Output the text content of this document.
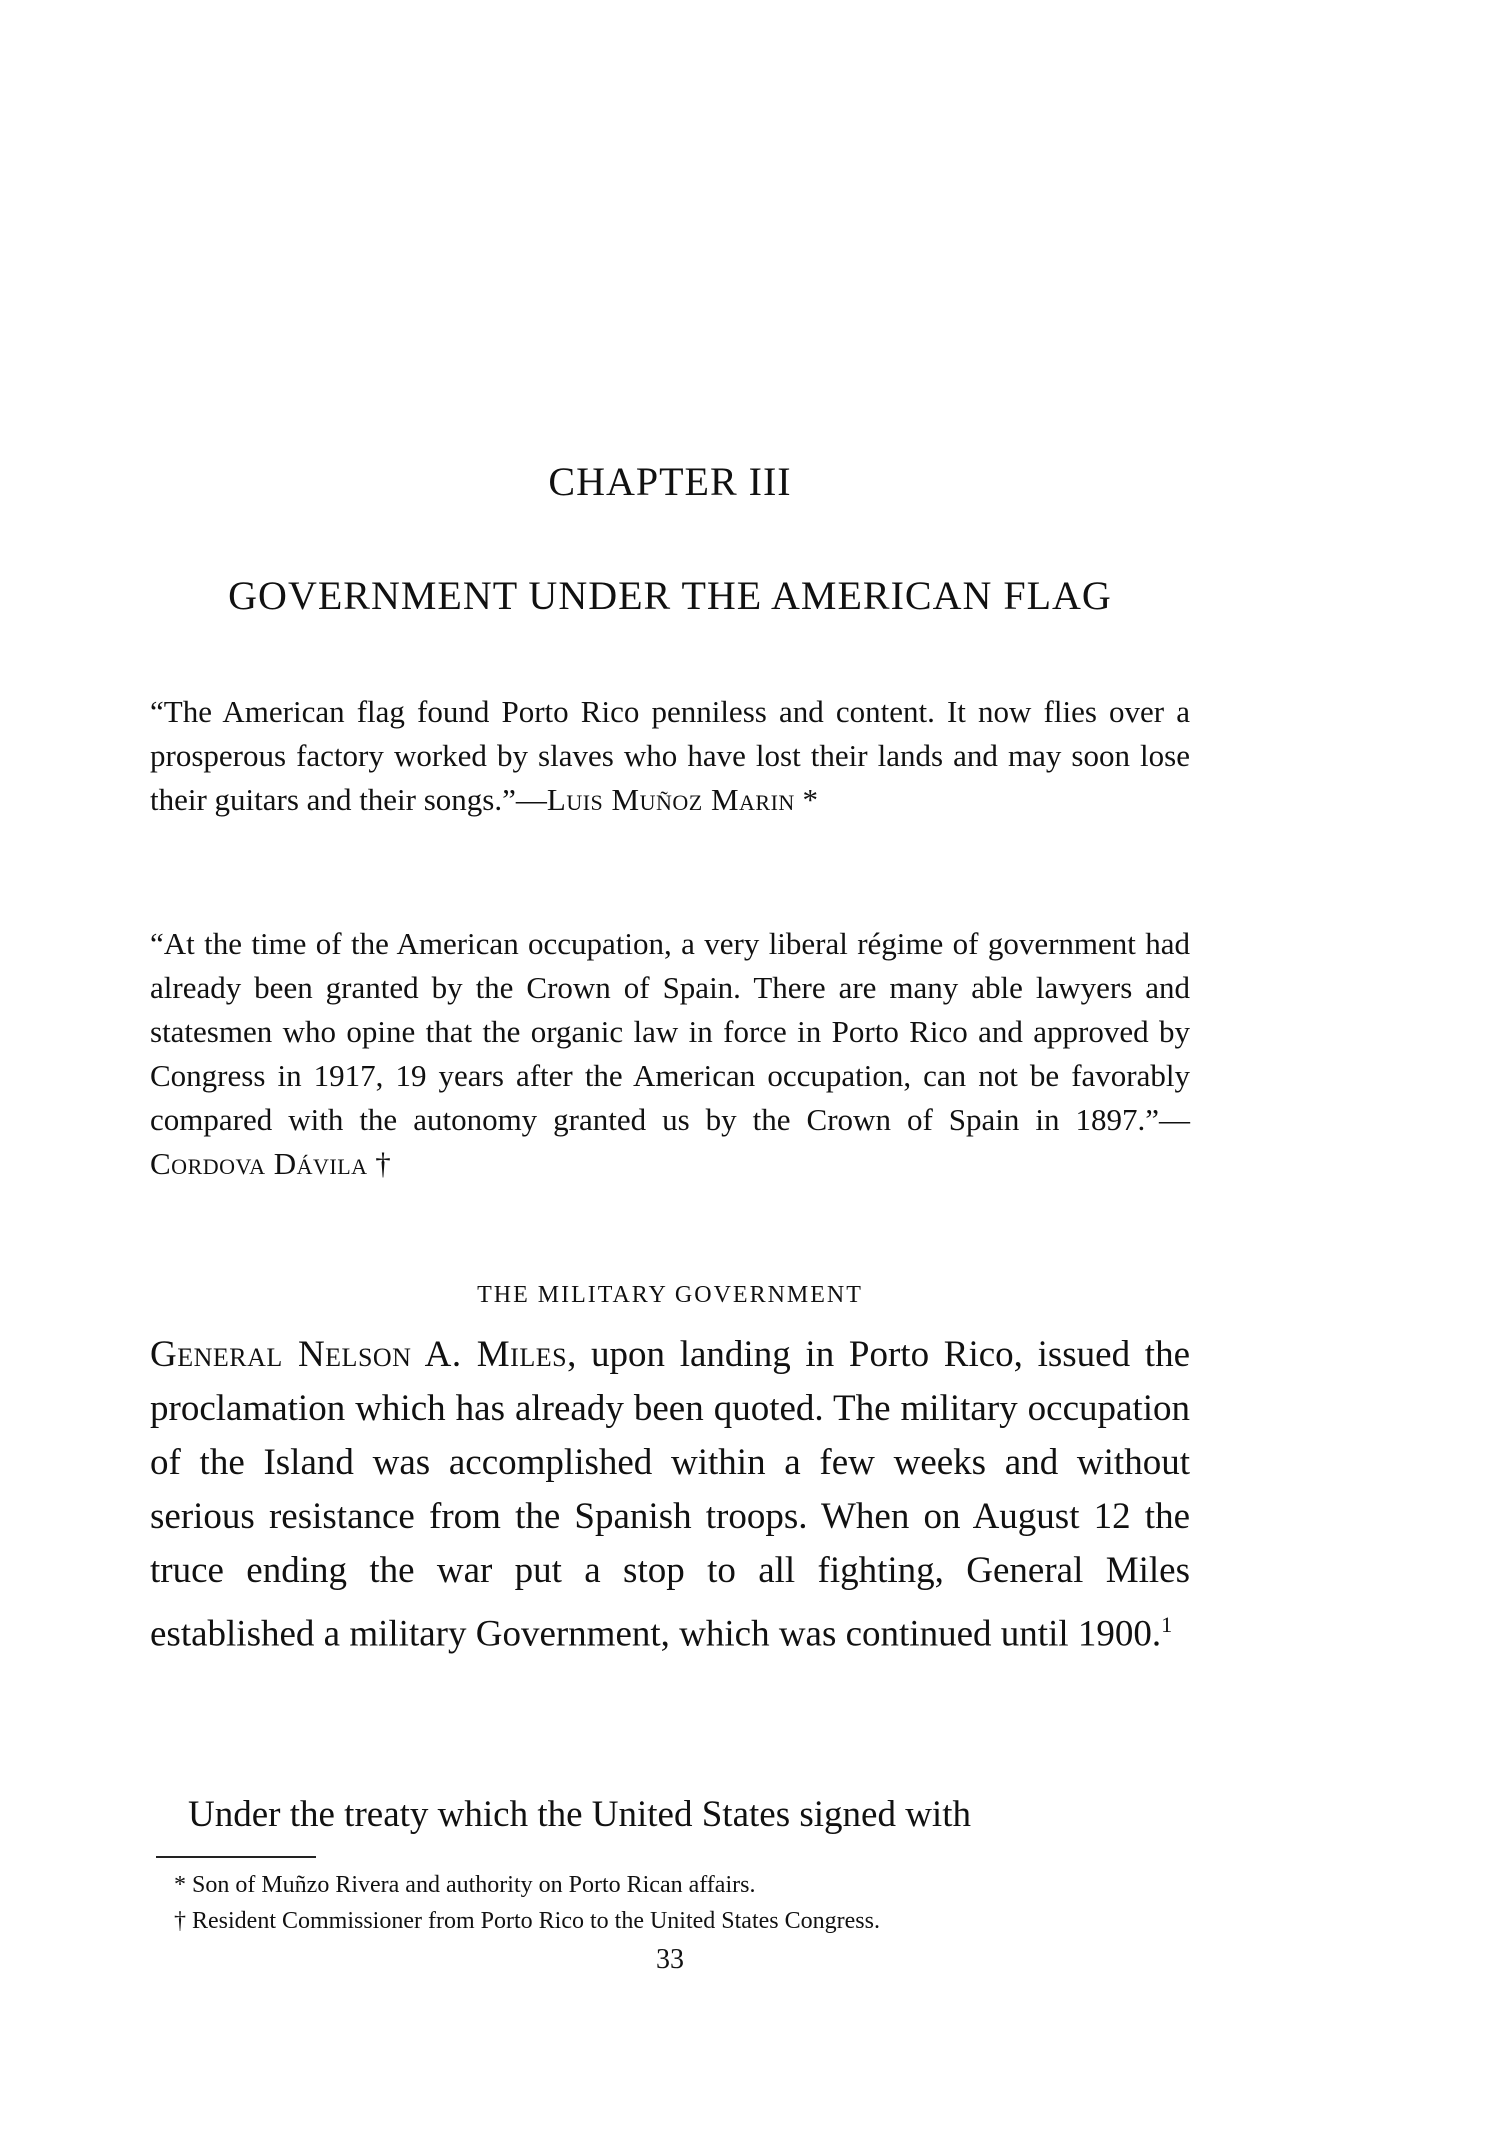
CHAPTER III
GOVERNMENT UNDER THE AMERICAN FLAG

“The American flag found Porto Rico penniless and content. It now flies over a prosperous factory worked by slaves who have lost their lands and may soon lose their guitars and their songs.”—Luis Muñoz Marin *

“At the time of the American occupation, a very liberal régime of government had already been granted by the Crown of Spain. There are many able lawyers and statesmen who opine that the organic law in force in Porto Rico and approved by Congress in 1917, 19 years after the American occupation, can not be favorably compared with the autonomy granted us by the Crown of Spain in 1897.”—Cordova Dávila †

THE MILITARY GOVERNMENT

General Nelson A. Miles, upon landing in Porto Rico, issued the proclamation which has already been quoted. The military occupation of the Island was accomplished within a few weeks and without serious resistance from the Spanish troops. When on August 12 the truce ending the war put a stop to all fighting, General Miles established a military Government, which was continued until 1900.$^1$

Under the treaty which the United States signed with

* Son of Muñzo Rivera and authority on Porto Rican affairs.
† Resident Commissioner from Porto Rico to the United States Congress.
33
